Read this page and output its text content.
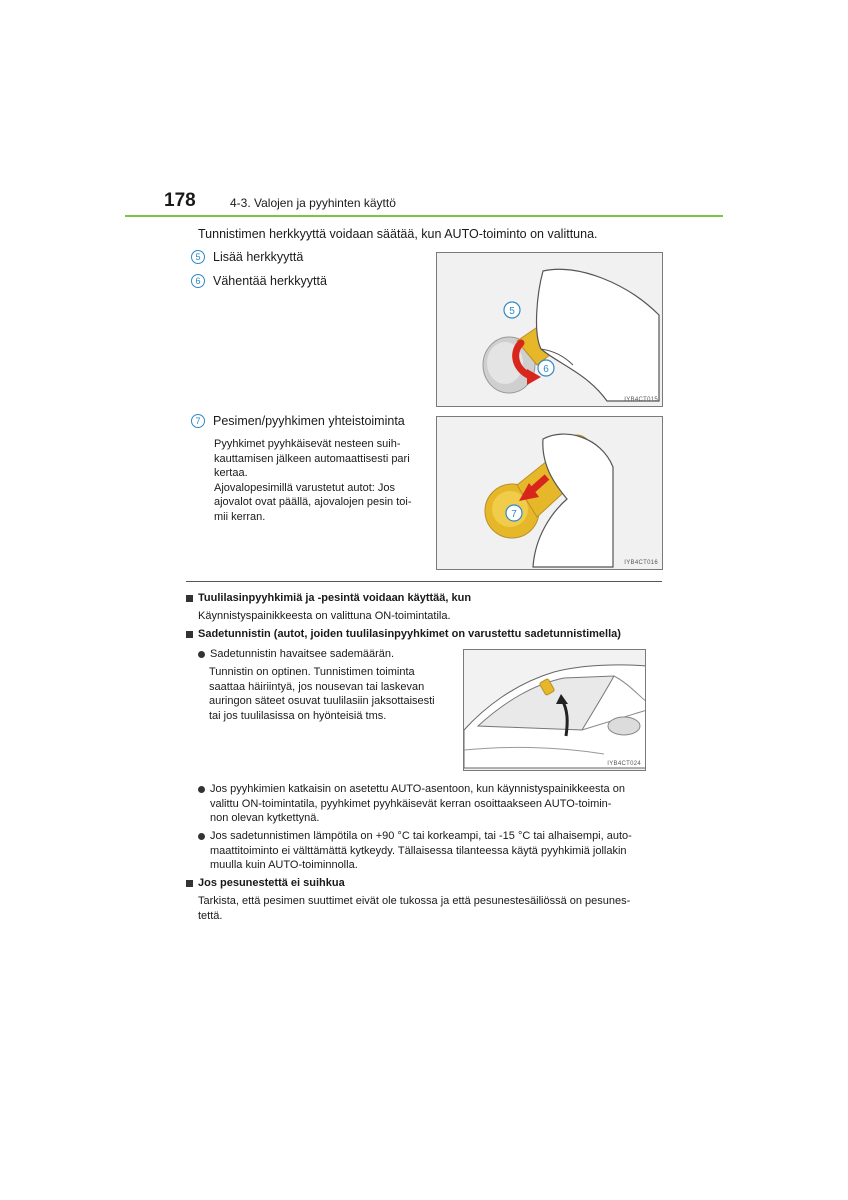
178	4-3. Valojen ja pyyhinten käyttö
Tunnistimen herkkyyttä voidaan säätää, kun AUTO-toiminto on valittuna.
5	Lisää herkkyyttä
6	Vähentää herkkyyttä
5
6
IYB4CT015
7	Pesimen/pyyhkimen yhteistoiminta
Pyyhkimet pyyhkäisevät nesteen suih-
kauttamisen jälkeen automaattisesti pari
kertaa.
Ajovalopesimillä varustetut autot: Jos
ajovalot ovat päällä, ajovalojen pesin toi-
mii kerran.	7
IYB4CT016
Tuulilasinpyyhkimiä ja -pesintä voidaan käyttää, kun
Käynnistyspainikkeesta on valittuna ON-toimintatila.
Sadetunnistin (autot, joiden tuulilasinpyyhkimet on varustettu sadetunnistimella)
Sadetunnistin havaitsee sademäärän.
Tunnistin on optinen. Tunnistimen toiminta
saattaa häiriintyä, jos nousevan tai laskevan
auringon säteet osuvat tuulilasiin jaksottaisesti
tai jos tuulilasissa on hyönteisiä tms.
IYB4CT024
Jos pyyhkimien katkaisin on asetettu AUTO-asentoon, kun käynnistyspainikkeesta on
valittu ON-toimintatila, pyyhkimet pyyhkäisevät kerran osoittaakseen AUTO-toimin-
non olevan kytkettynä.
Jos sadetunnistimen lämpötila on +90 °C tai korkeampi, tai -15 °C tai alhaisempi, auto-
maattitoiminto ei välttämättä kytkeydy. Tällaisessa tilanteessa käytä pyyhkimiä jollakin
muulla kuin AUTO-toiminnolla.
Jos pesunestettä ei suihkua
Tarkista, että pesimen suuttimet eivät ole tukossa ja että pesunestesäiliössä on pesunes-
tettä.
